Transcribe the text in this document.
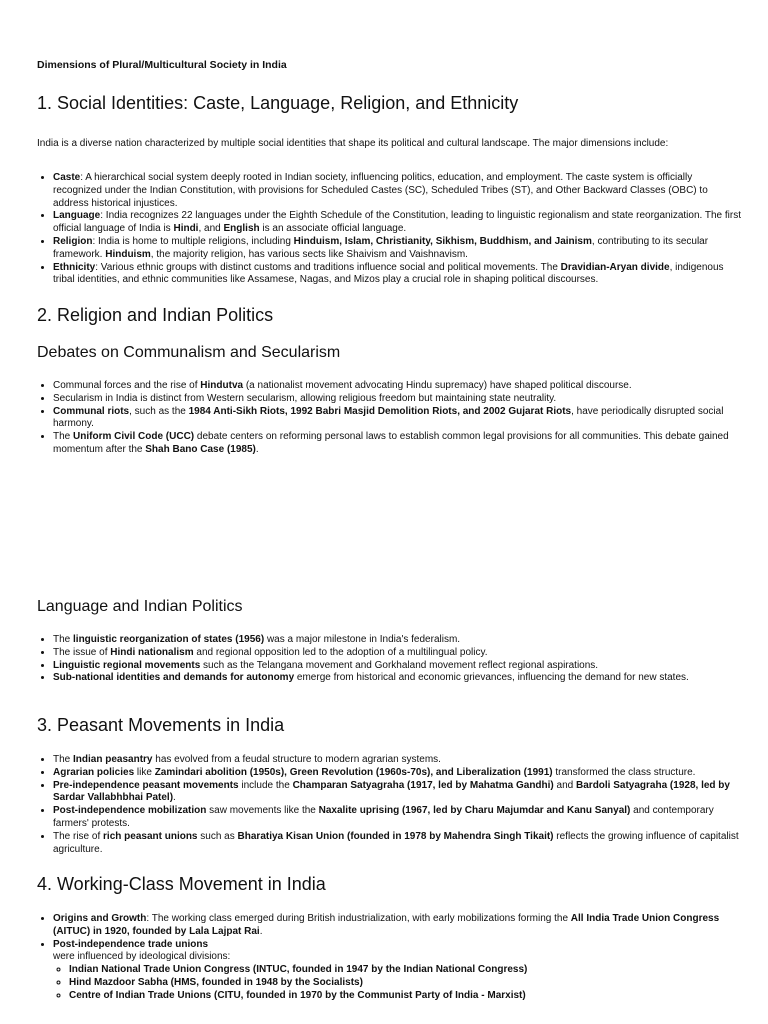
Dimensions of Plural/Multicultural Society in India
1. Social Identities: Caste, Language, Religion, and Ethnicity

India is a diverse nation characterized by multiple social identities that shape its political and cultural landscape. The major dimensions include:

• Caste: A hierarchical social system deeply rooted in Indian society, influencing politics, education, and employment. The caste system is officially recognized under the Indian Constitution, with provisions for Scheduled Castes (SC), Scheduled Tribes (ST), and Other Backward Classes (OBC) to address historical injustices.
• Language: India recognizes 22 languages under the Eighth Schedule of the Constitution, leading to linguistic regionalism and state reorganization. The first official language of India is Hindi, and English is an associate official language.
• Religion: India is home to multiple religions, including Hinduism, Islam, Christianity, Sikhism, Buddhism, and Jainism, contributing to its secular framework. Hinduism, the majority religion, has various sects like Shaivism and Vaishnavism.
• Ethnicity: Various ethnic groups with distinct customs and traditions influence social and political movements. The Dravidian-Aryan divide, indigenous tribal identities, and ethnic communities like Assamese, Nagas, and Mizos play a crucial role in shaping political discourses.
2. Religion and Indian Politics
Debates on Communalism and Secularism
• Communal forces and the rise of Hindutva (a nationalist movement advocating Hindu supremacy) have shaped political discourse.
• Secularism in India is distinct from Western secularism, allowing religious freedom but maintaining state neutrality.
• Communal riots, such as the 1984 Anti-Sikh Riots, 1992 Babri Masjid Demolition Riots, and 2002 Gujarat Riots, have periodically disrupted social harmony.
• The Uniform Civil Code (UCC) debate centers on reforming personal laws to establish common legal provisions for all communities. This debate gained momentum after the Shah Bano Case (1985).
Language and Indian Politics
• The linguistic reorganization of states (1956) was a major milestone in India's federalism.
• The issue of Hindi nationalism and regional opposition led to the adoption of a multilingual policy.
• Linguistic regional movements such as the Telangana movement and Gorkhaland movement reflect regional aspirations.
• Sub-national identities and demands for autonomy emerge from historical and economic grievances, influencing the demand for new states.
3. Peasant Movements in India
• The Indian peasantry has evolved from a feudal structure to modern agrarian systems.
• Agrarian policies like Zamindari abolition (1950s), Green Revolution (1960s-70s), and Liberalization (1991) transformed the class structure.
• Pre-independence peasant movements include the Champaran Satyagraha (1917, led by Mahatma Gandhi) and Bardoli Satyagraha (1928, led by Sardar Vallabhbhai Patel).
• Post-independence mobilization saw movements like the Naxalite uprising (1967, led by Charu Majumdar and Kanu Sanyal) and contemporary farmers' protests.
• The rise of rich peasant unions such as Bharatiya Kisan Union (founded in 1978 by Mahendra Singh Tikait) reflects the growing influence of capitalist agriculture.
4. Working-Class Movement in India
• Origins and Growth: The working class emerged during British industrialization, with early mobilizations forming the All India Trade Union Congress (AITUC) in 1920, founded by Lala Lajpat Rai.
• Post-independence trade unions
were influenced by ideological divisions:
◦ Indian National Trade Union Congress (INTUC, founded in 1947 by the Indian National Congress)
◦ Hind Mazdoor Sabha (HMS, founded in 1948 by the Socialists)
◦ Centre of Indian Trade Unions (CITU, founded in 1970 by the Communist Party of India - Marxist)
